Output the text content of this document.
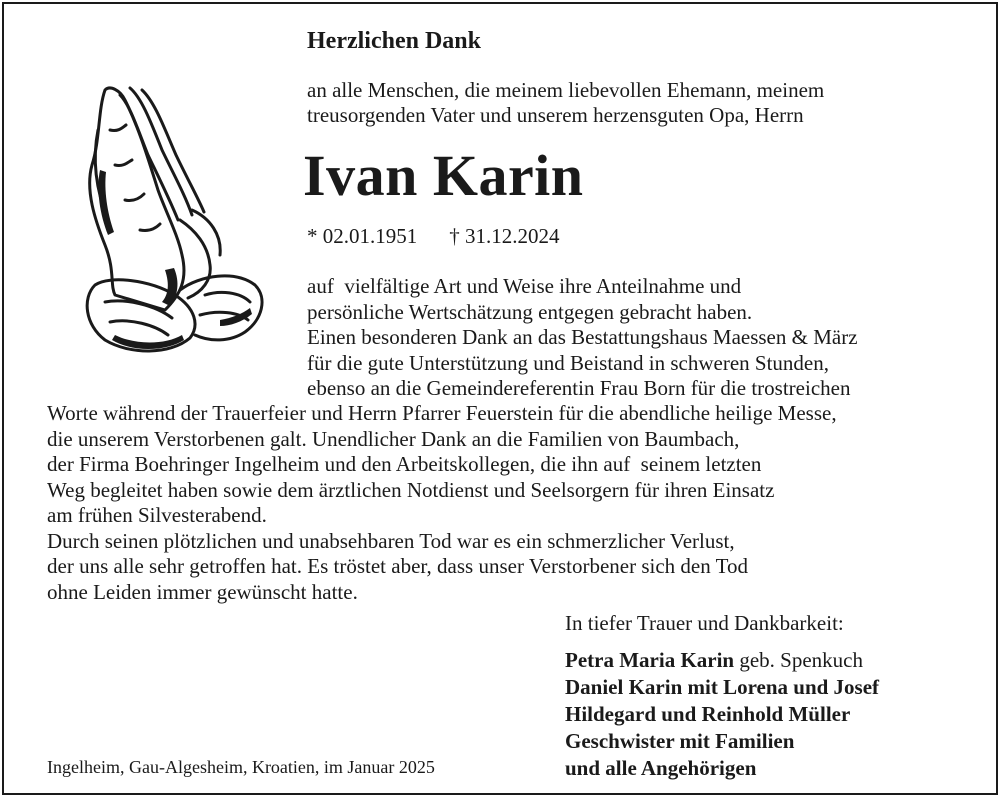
Herzlichen Dank
an alle Menschen, die meinem liebevollen Ehemann, meinem
treusorgenden Vater und unserem herzensguten Opa, Herrn
Ivan Karin
* 02.01.1951 † 31.12.2024
auf  vielfältige Art und Weise ihre Anteilnahme und
persönliche Wertschätzung entgegen gebracht haben.
Einen besonderen Dank an das Bestattungshaus Maessen & März
für die gute Unterstützung und Beistand in schweren Stunden,
ebenso an die Gemeindereferentin Frau Born für die trostreichen
Worte während der Trauerfeier und Herrn Pfarrer Feuerstein für die abendliche heilige Messe,
die unserem Verstorbenen galt. Unendlicher Dank an die Familien von Baumbach,
der Firma Boehringer Ingelheim und den Arbeitskollegen, die ihn auf  seinem letzten
Weg begleitet haben sowie dem ärztlichen Notdienst und Seelsorgern für ihren Einsatz
am frühen Silvesterabend.
Durch seinen plötzlichen und unabsehbaren Tod war es ein schmerzlicher Verlust,
der uns alle sehr getroffen hat. Es tröstet aber, dass unser Verstorbener sich den Tod
ohne Leiden immer gewünscht hatte.
In tiefer Trauer und Dankbarkeit:
Petra Maria Karin geb. Spenkuch
Daniel Karin mit Lorena und Josef
Hildegard und Reinhold Müller
Geschwister mit Familien
und alle Angehörigen
Ingelheim, Gau-Algesheim, Kroatien, im Januar 2025
